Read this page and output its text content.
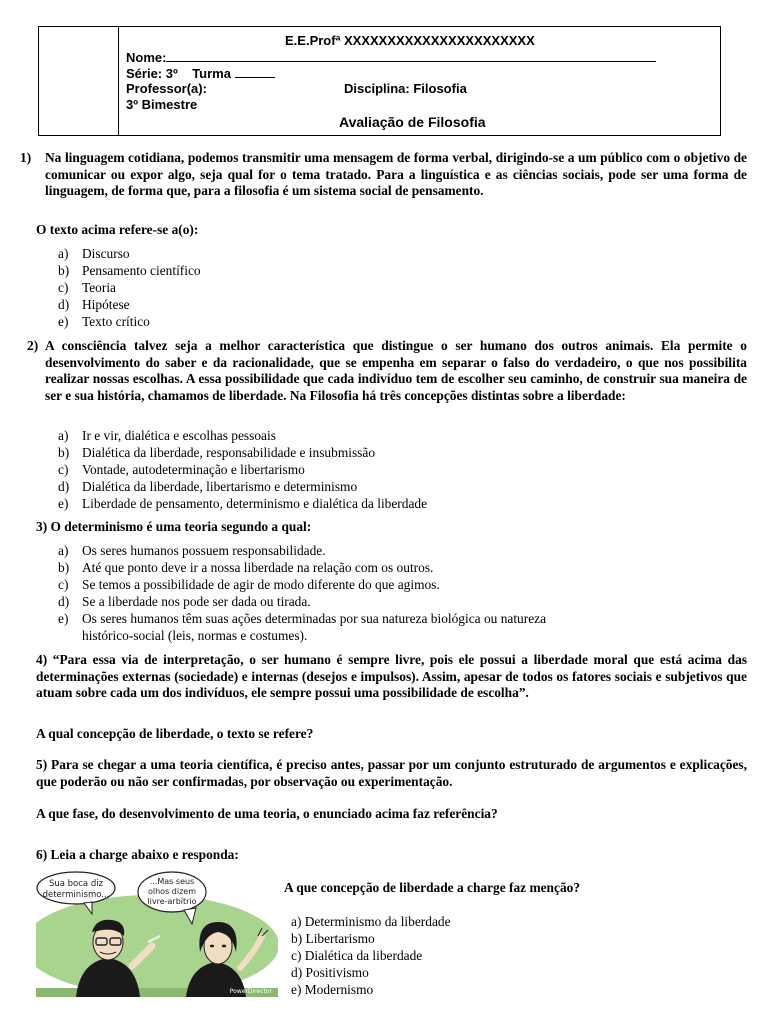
E.E.Profª XXXXXXXXXXXXXXXXXXXXXX
Nome:
Série: 3º Turma
Professor(a):	Disciplina: Filosofia
3º Bimestre
Avaliação de Filosofia
1) Na linguagem cotidiana, podemos transmitir uma mensagem de forma verbal, dirigindo-se a um público com o objetivo de comunicar ou expor algo, seja qual for o tema tratado. Para a linguística e as ciências sociais, pode ser uma forma de linguagem, de forma que, para a filosofia é um sistema social de pensamento.
O texto acima refere-se a(o):
a) Discurso
b) Pensamento científico
c) Teoria
d) Hipótese
e) Texto crítico
2) A consciência talvez seja a melhor característica que distingue o ser humano dos outros animais. Ela permite o desenvolvimento do saber e da racionalidade, que se empenha em separar o falso do verdadeiro, o que nos possibilita realizar nossas escolhas. A essa possibilidade que cada indivíduo tem de escolher seu caminho, de construir sua maneira de ser e sua história, chamamos de liberdade. Na Filosofia há três concepções distintas sobre a liberdade:
a) Ir e vir, dialética e escolhas pessoais
b) Dialética da liberdade, responsabilidade e insubmissão
c) Vontade, autodeterminação e libertarismo
d) Dialética da liberdade, libertarismo e determinismo
e) Liberdade de pensamento, determinismo e dialética da liberdade
3) O determinismo é uma teoria segundo a qual:
a) Os seres humanos possuem responsabilidade.
b) Até que ponto deve ir a nossa liberdade na relação com os outros.
c) Se temos a possibilidade de agir de modo diferente do que agimos.
d) Se a liberdade nos pode ser dada ou tirada.
e) Os seres humanos têm suas ações determinadas por sua natureza biológica ou natureza
histórico-social (leis, normas e costumes).
4) “Para essa via de interpretação, o ser humano é sempre livre, pois ele possui a liberdade moral que está acima das determinações externas (sociedade) e internas (desejos e impulsos). Assim, apesar de todos os fatores sociais e subjetivos que atuam sobre cada um dos indivíduos, ele sempre possui uma possibilidade de escolha”.
A qual concepção de liberdade, o texto se refere?
5) Para se chegar a uma teoria científica, é preciso antes, passar por um conjunto estruturado de argumentos e explicações, que poderão ou não ser confirmadas, por observação ou experimentação.
A que fase, do desenvolvimento de uma teoria, o enunciado acima faz referência?
6) Leia a charge abaixo e responda:
Sua boca diz
determinismo...
...Mas seus
olhos dizem
livre-arbítrio
PowerDirector
A que concepção de liberdade a charge faz menção?
a) Determinismo da liberdade
b) Libertarismo
c) Dialética da liberdade
d) Positivismo
e) Modernismo
